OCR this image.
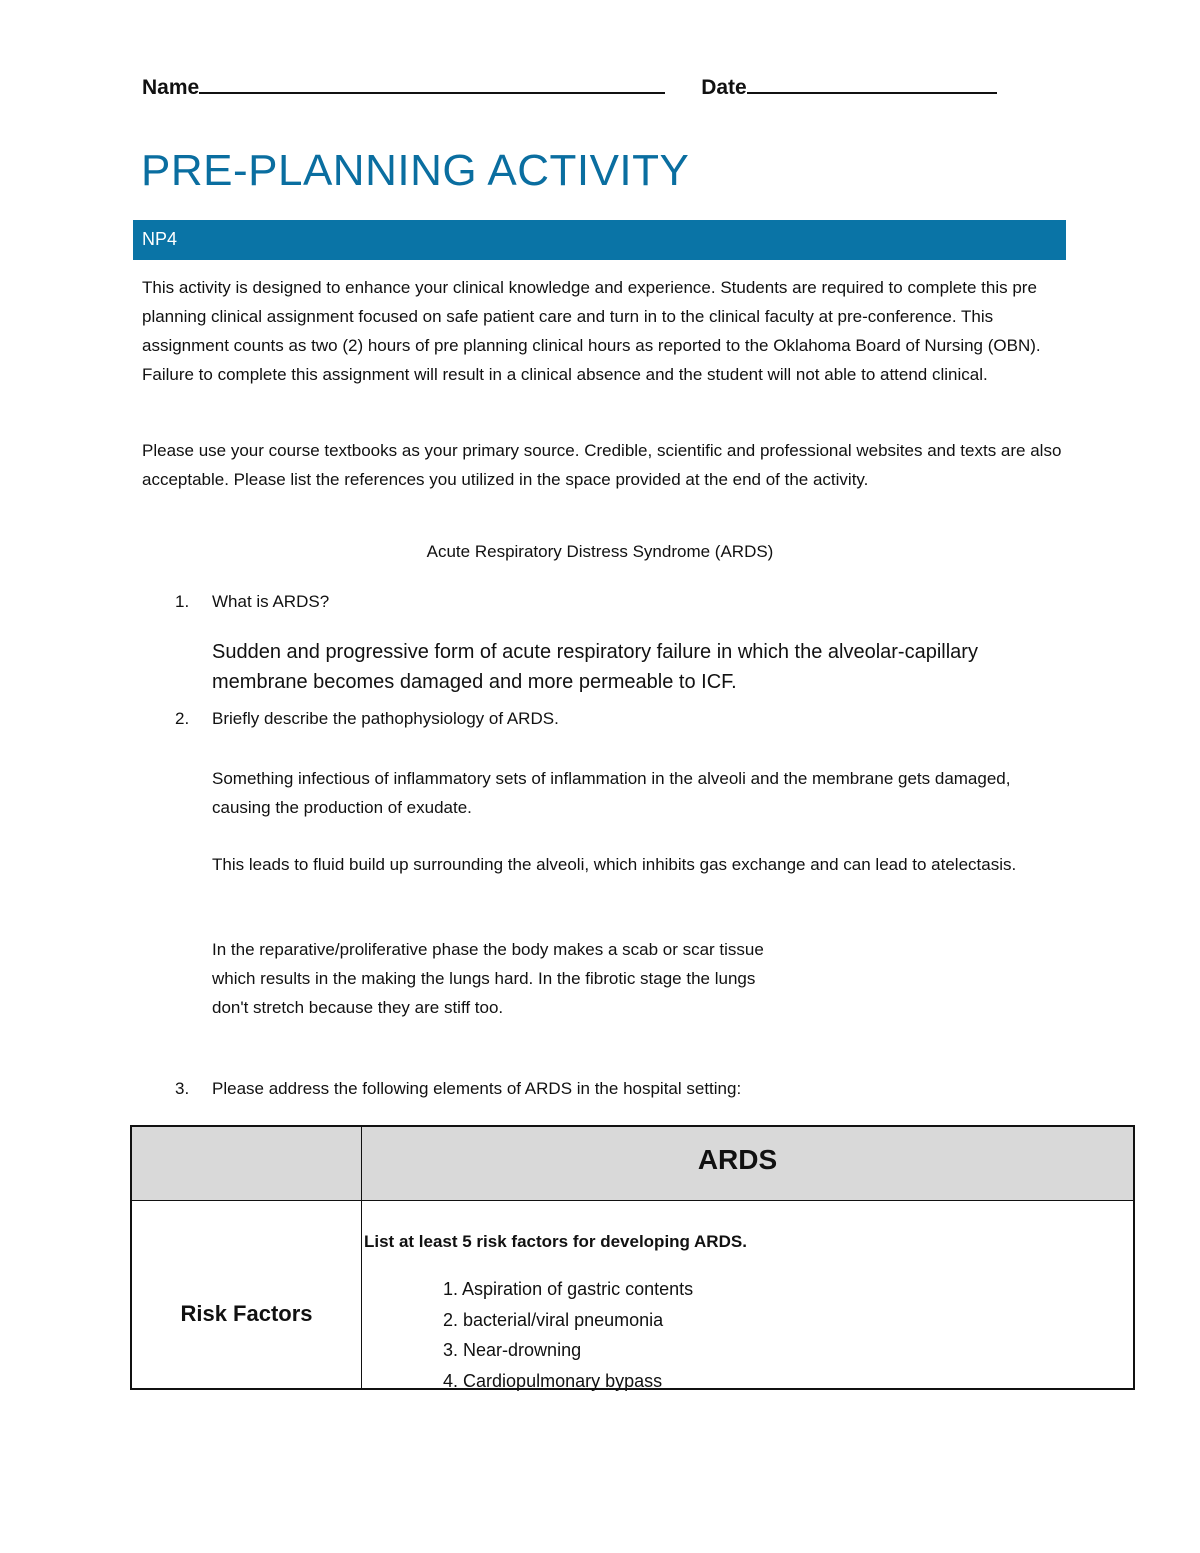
Name	Date
PRE-PLANNING ACTIVITY
NP4

This activity is designed to enhance your clinical knowledge and experience. Students are required to complete this pre planning clinical assignment focused on safe patient care and turn in to the clinical faculty at pre-conference. This assignment counts as two (2) hours of pre planning clinical hours as reported to the Oklahoma Board of Nursing (OBN). Failure to complete this assignment will result in a clinical absence and the student will not able to attend clinical.

Please use your course textbooks as your primary source. Credible, scientific and professional websites and texts are also acceptable. Please list the references you utilized in the space provided at the end of the activity.

Acute Respiratory Distress Syndrome (ARDS)
1. What is ARDS?

Sudden and progressive form of acute respiratory failure in which the alveolar-capillary membrane becomes damaged and more permeable to ICF.

2. Briefly describe the pathophysiology of ARDS.

Something infectious of inflammatory sets of inflammation in the alveoli and the membrane gets damaged, causing the production of exudate.

This leads to fluid build up surrounding the alveoli, which inhibits gas exchange and can lead to atelectasis.

In the reparative/proliferative phase the body makes a scab or scar tissue which results in the making the lungs hard. In the fibrotic stage the lungs don't stretch because they are stiff too.

3. Please address the following elements of ARDS in the hospital setting:
ARDS
Risk Factors
List at least 5 risk factors for developing ARDS.
1. Aspiration of gastric contents
2. bacterial/viral pneumonia
3. Near-drowning
4. Cardiopulmonary bypass
